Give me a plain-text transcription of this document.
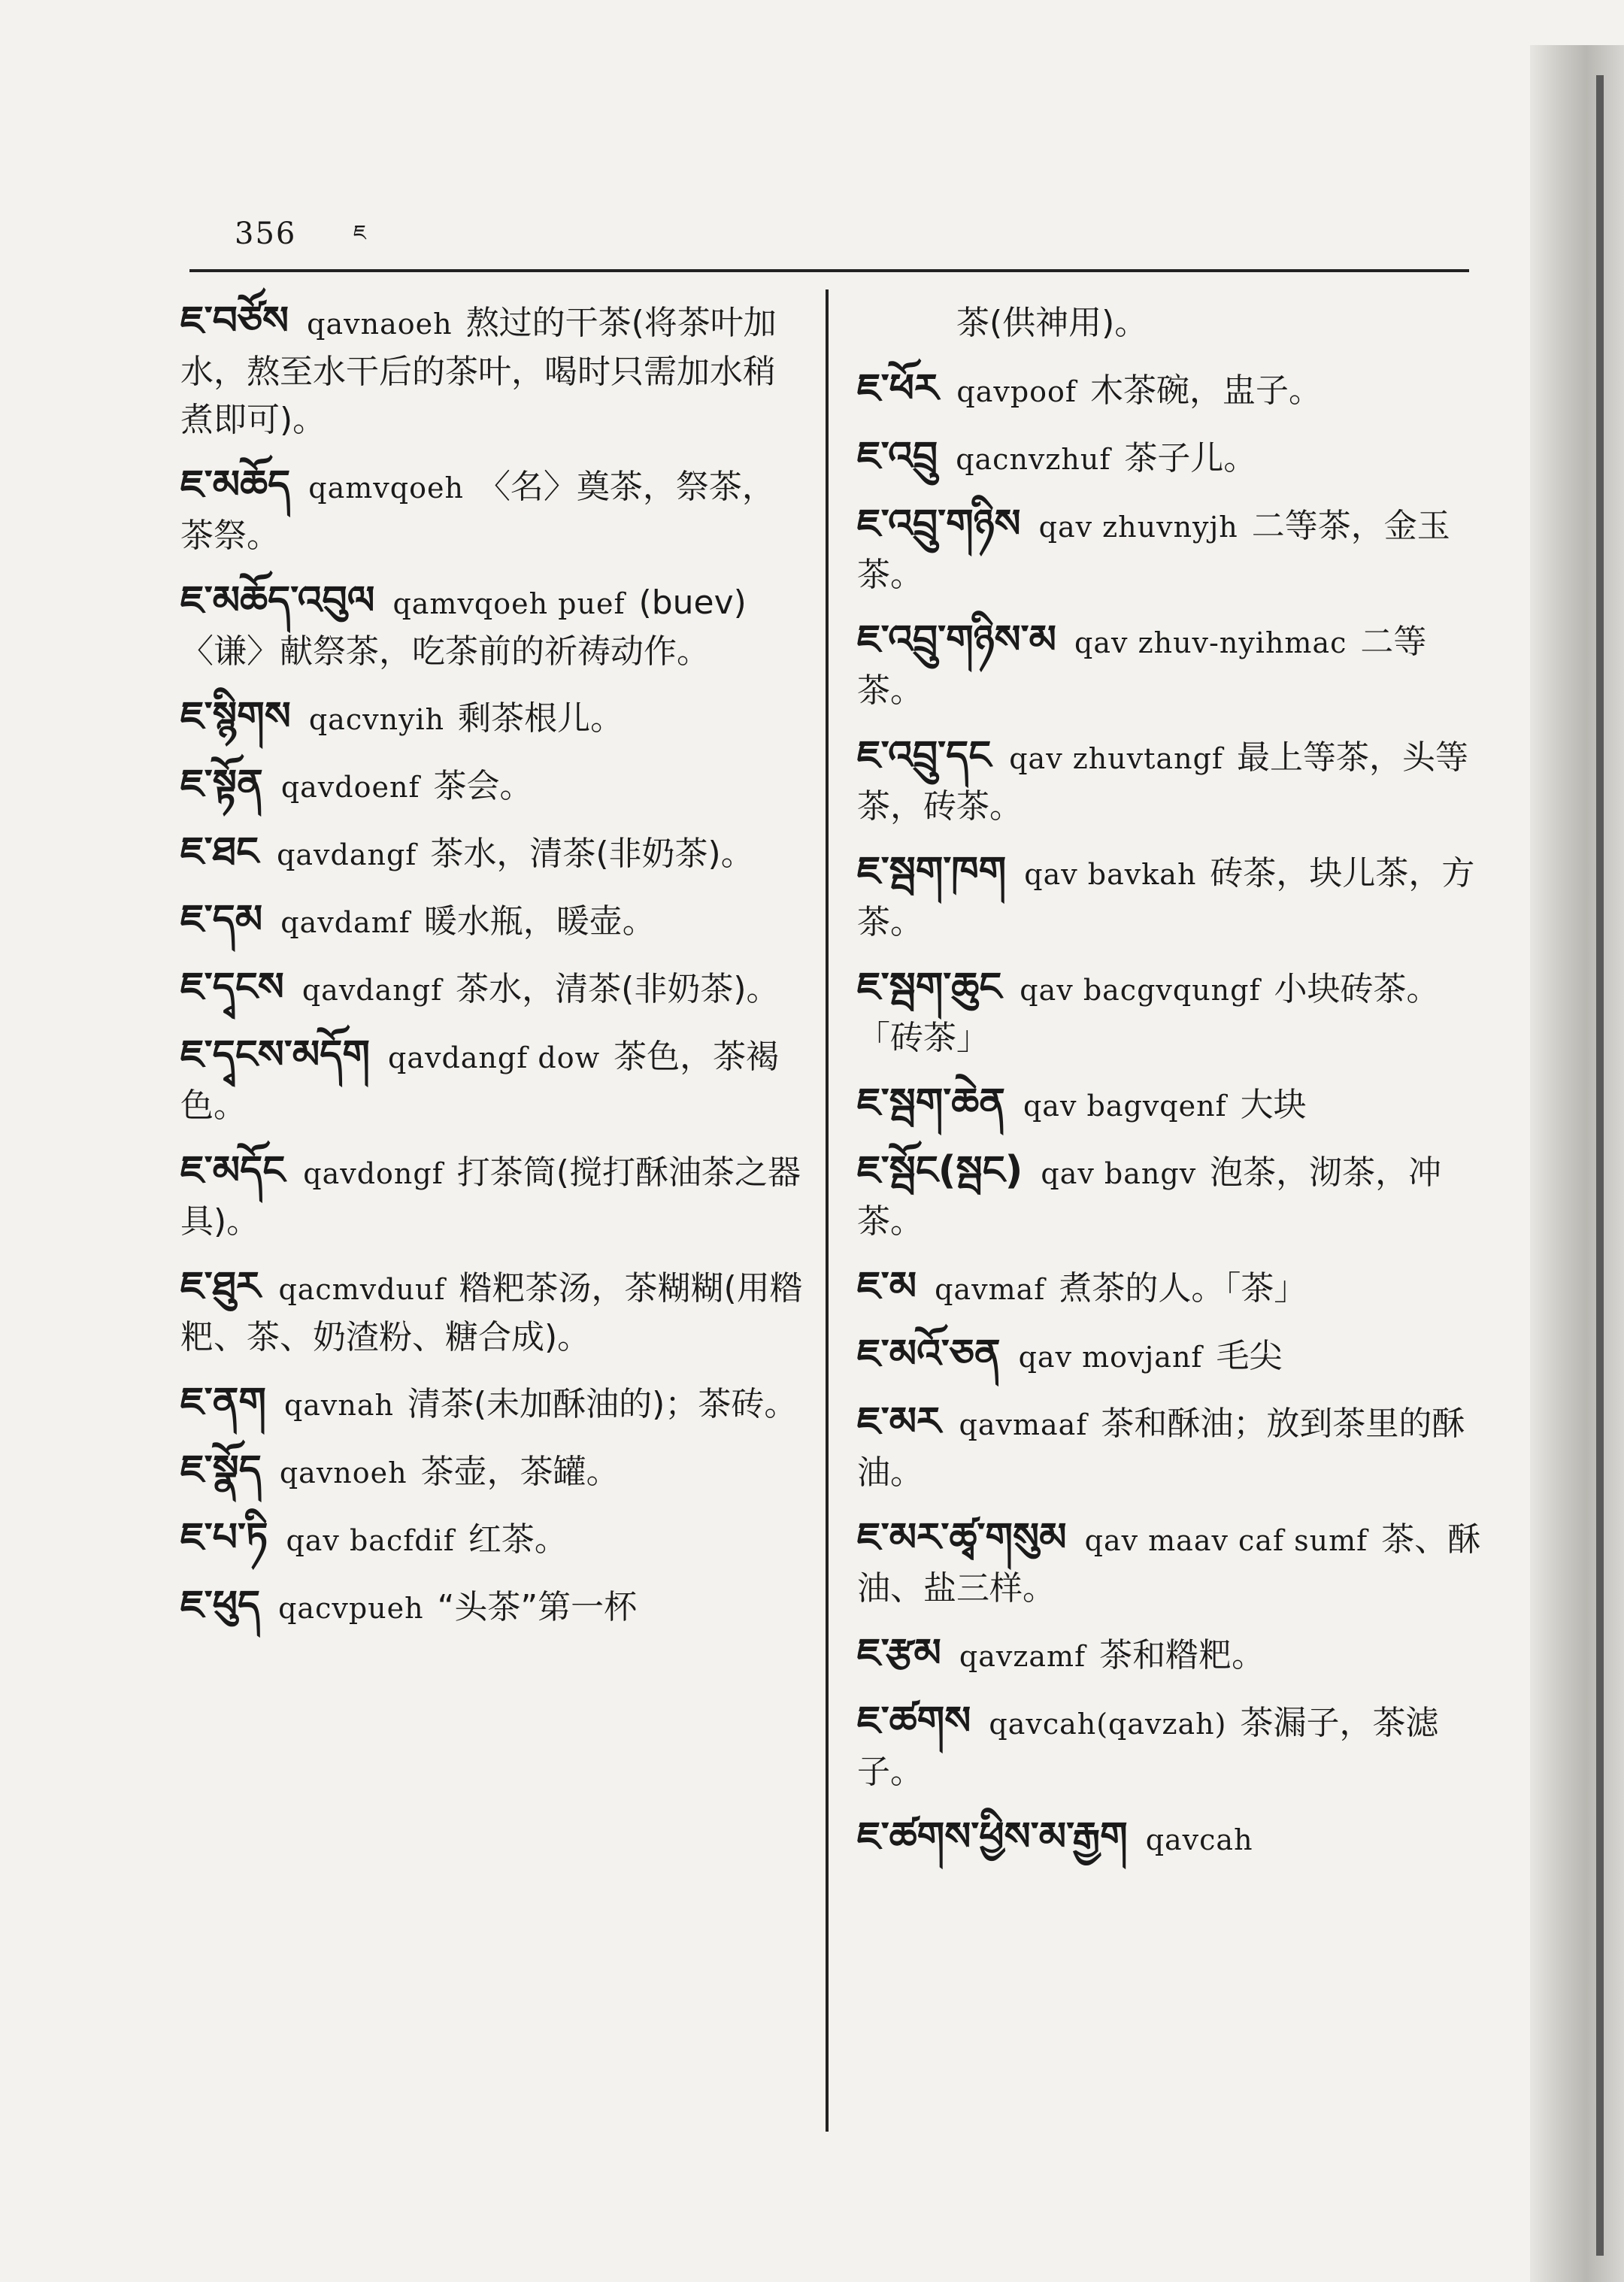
356	ཇ
ཇ་བཙོས qavnaoeh 熬过的干茶(将茶叶加水，熬至水干后的茶叶，喝时只需加水稍煮即可)。
ཇ་མཆོད qamvqoeh 〈名〉奠茶，祭茶，茶祭。
ཇ་མཆོད་འབུལ qamvqoeh puef (buev)〈谦〉献祭茶，吃茶前的祈祷动作。
ཇ་སྙིགས qacvnyih 剩茶根儿。
ཇ་སྟོན qavdoenf 茶会。
ཇ་ཐང qavdangf 茶水，清茶(非奶茶)。
ཇ་དམ qavdamf 暖水瓶，暖壶。
ཇ་དྭངས qavdangf 茶水，清茶(非奶茶)。
ཇ་དྭངས་མདོག qavdangf dow 茶色，茶褐色。
ཇ་མདོང qavdongf 打茶筒(搅打酥油茶之器具)。
ཇ་ཐུར qacmvduuf 糌粑茶汤，茶糊糊(用糌粑、茶、奶渣粉、糖合成)。
ཇ་ནག qavnah 清茶(未加酥油的)；茶砖。
ཇ་སྣོད qavnoeh 茶壶，茶罐。
ཇ་པ་ཏི qav bacfdif 红茶。
ཇ་ཕུད qacvpueh “头茶”第一杯
茶(供神用)。
ཇ་ཕོར qavpoof 木茶碗，盅子。
ཇ་འབྲུ qacnvzhuf 茶子儿。
ཇ་འབྲུ་གཉིས qav zhuvnyjh 二等茶，金玉茶。
ཇ་འབྲུ་གཉིས་མ qav zhuv-nyihmac 二等茶。
ཇ་འབྲུ་དང qav zhuvtangf 最上等茶，头等茶，砖茶。
ཇ་སྦག་ཁག qav bavkah 砖茶，块儿茶，方茶。
ཇ་སྦག་ཆུང qav bacgvqungf 小块砖茶。「砖茶」
ཇ་སྦག་ཆེན qav bagvqenf 大块
ཇ་སྦོང(སྦང) qav bangv 泡茶，沏茶，冲茶。
ཇ་མ qavmaf 煮茶的人。「茶」
ཇ་མའོ་ཅན qav movjanf 毛尖
ཇ་མར qavmaaf 茶和酥油；放到茶里的酥油。
ཇ་མར་ཚྭ་གསུམ qav maav caf sumf 茶、酥油、盐三样。
ཇ་རྩམ qavzamf 茶和糌粑。
ཇ་ཚགས qavcah(qavzah) 茶漏子，茶滤子。
ཇ་ཚགས་ཕྱིས་མ་རྒྱག qavcah
